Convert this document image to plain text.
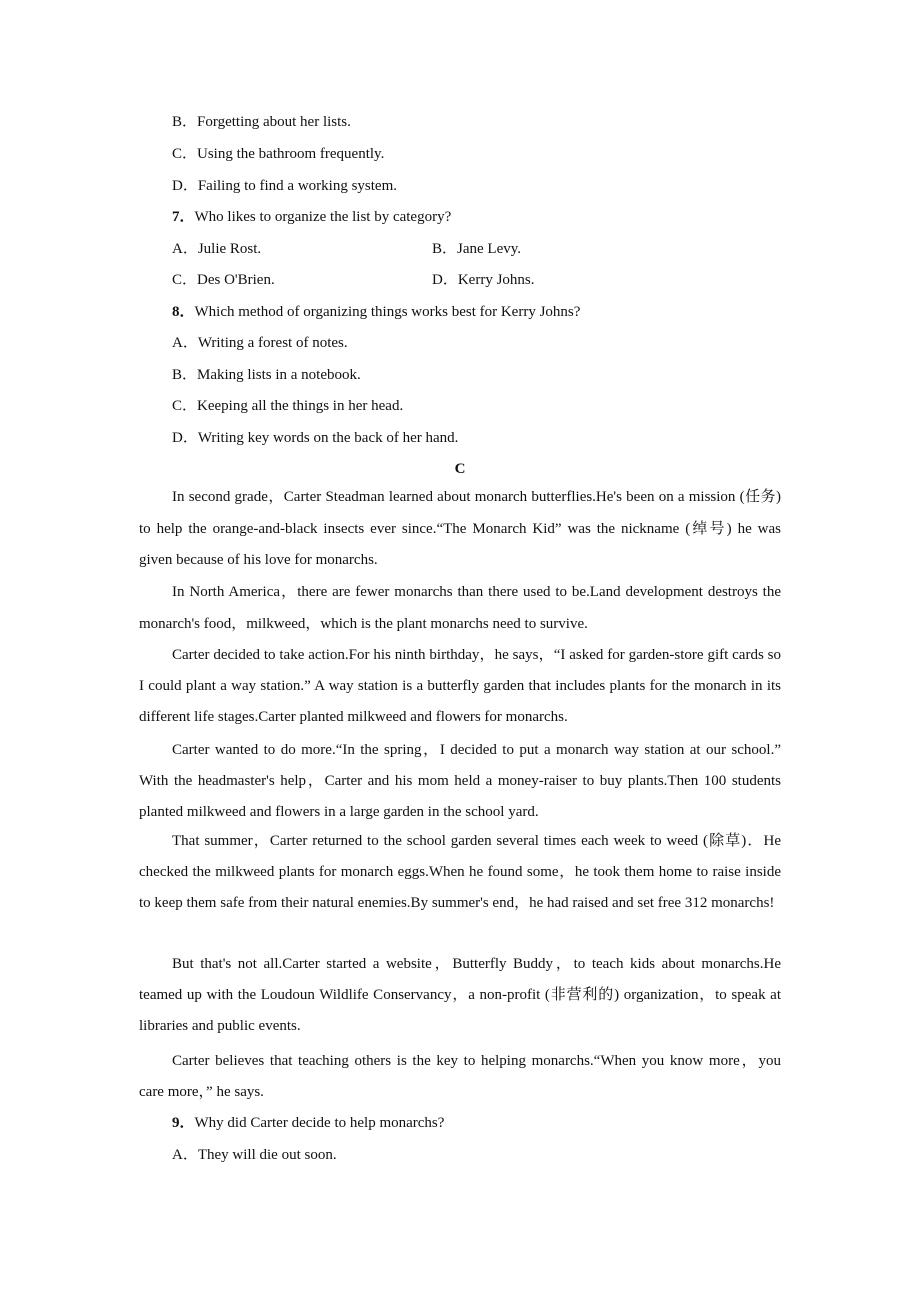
B．Forgetting about her lists.
C．Using the bathroom frequently.
D．Failing to find a working system.
7．Who likes to organize the list by category?
A．Julie Rost.	B．Jane Levy.
C．Des O'Brien.	D．Kerry Johns.
8．Which method of organizing things works best for Kerry Johns?
A．Writing a forest of notes.
B．Making lists in a notebook.
C．Keeping all the things in her head.
D．Writing key words on the back of her hand.
C

In second grade，Carter Steadman learned about monarch butterflies.He's been on a mission (任务) to help the orange-and-black insects ever since.“The Monarch Kid” was the nickname (绰号) he was given because of his love for monarchs.

In North America，there are fewer monarchs than there used to be.Land development destroys the monarch's food，milkweed，which is the plant monarchs need to survive.

Carter decided to take action.For his ninth birthday，he says，“I asked for garden-store gift cards so I could plant a way station.” A way station is a butterfly garden that includes plants for the monarch in its different life stages.Carter planted milkweed and flowers for monarchs.

Carter wanted to do more.“In the spring，I decided to put a monarch way station at our school.” With the headmaster's help，Carter and his mom held a money-raiser to buy plants.Then 100 students planted milkweed and flowers in a large garden in the school yard.

That summer，Carter returned to the school garden several times each week to weed (除草)．He checked the milkweed plants for monarch eggs.When he found some，he took them home to raise inside to keep them safe from their natural enemies.By summer's end，he had raised and set free 312 monarchs!

But that's not all.Carter started a website，Butterfly Buddy，to teach kids about monarchs.He teamed up with the Loudoun Wildlife Conservancy，a non-profit (非营利的) organization，to speak at libraries and public events.

Carter believes that teaching others is the key to helping monarchs.“When you know more，you care more，” he says.

9．Why did Carter decide to help monarchs?
A．They will die out soon.
